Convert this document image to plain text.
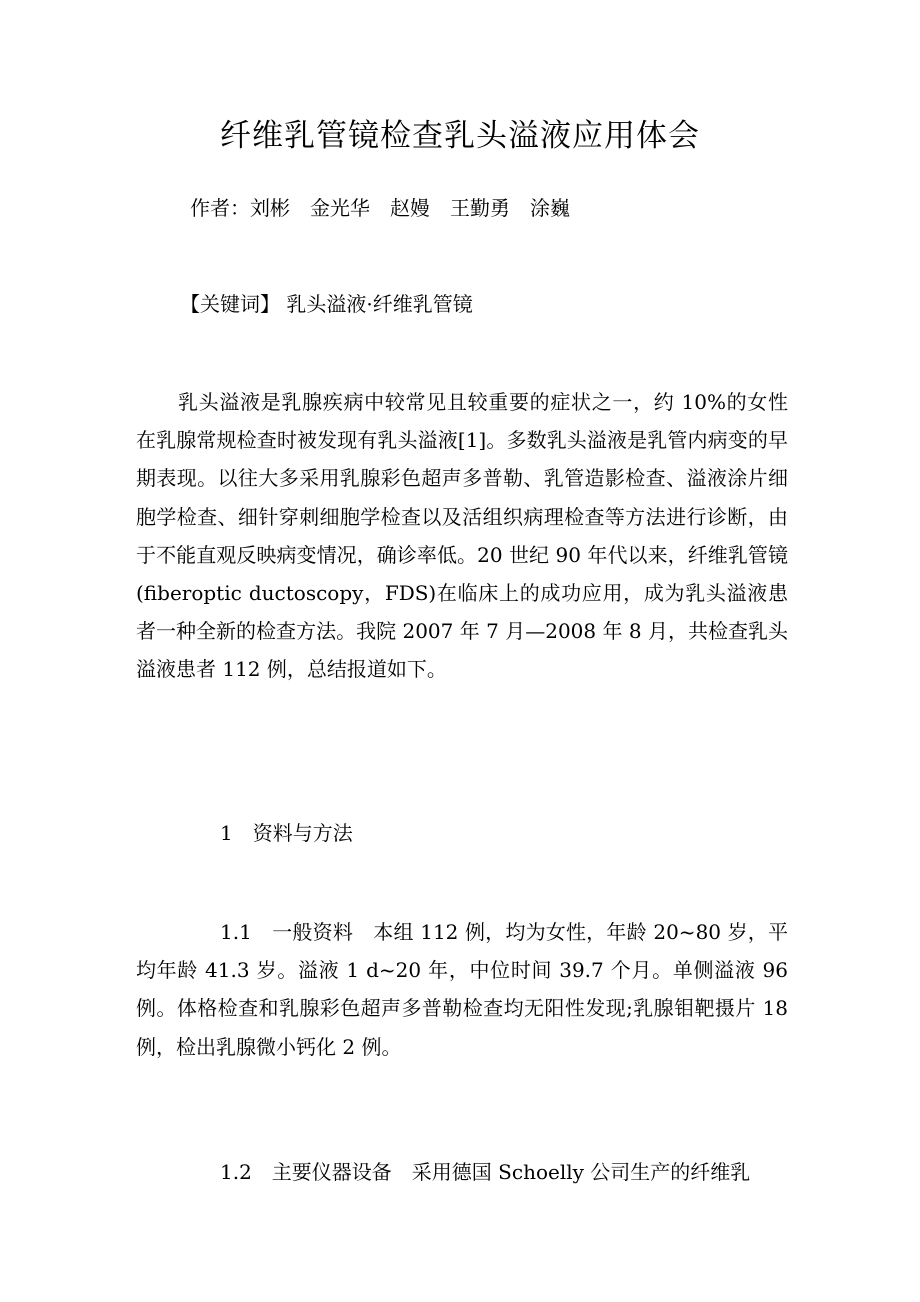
纤维乳管镜检查乳头溢液应用体会
作者：刘彬　金光华　赵嫚　王勤勇　涂巍
【关键词】 乳头溢液·纤维乳管镜

乳头溢液是乳腺疾病中较常见且较重要的症状之一，约 10%的女性在乳腺常规检查时被发现有乳头溢液[1]。多数乳头溢液是乳管内病变的早期表现。以往大多采用乳腺彩色超声多普勒、乳管造影检查、溢液涂片细胞学检查、细针穿刺细胞学检查以及活组织病理检查等方法进行诊断，由于不能直观反映病变情况，确诊率低。20 世纪 90 年代以来，纤维乳管镜(fiberoptic ductoscopy，FDS)在临床上的成功应用，成为乳头溢液患者一种全新的检查方法。我院 2007 年 7 月—2008 年 8 月，共检查乳头溢液患者 112 例，总结报道如下。

1　资料与方法

1.1　一般资料　本组 112 例，均为女性，年龄 20~80 岁，平均年龄 41.3 岁。溢液 1 d~20 年，中位时间 39.7 个月。单侧溢液 96 例。体格检查和乳腺彩色超声多普勒检查均无阳性发现;乳腺钼靶摄片 18 例，检出乳腺微小钙化 2 例。

1.2　主要仪器设备　采用德国 Schoelly 公司生产的纤维乳
